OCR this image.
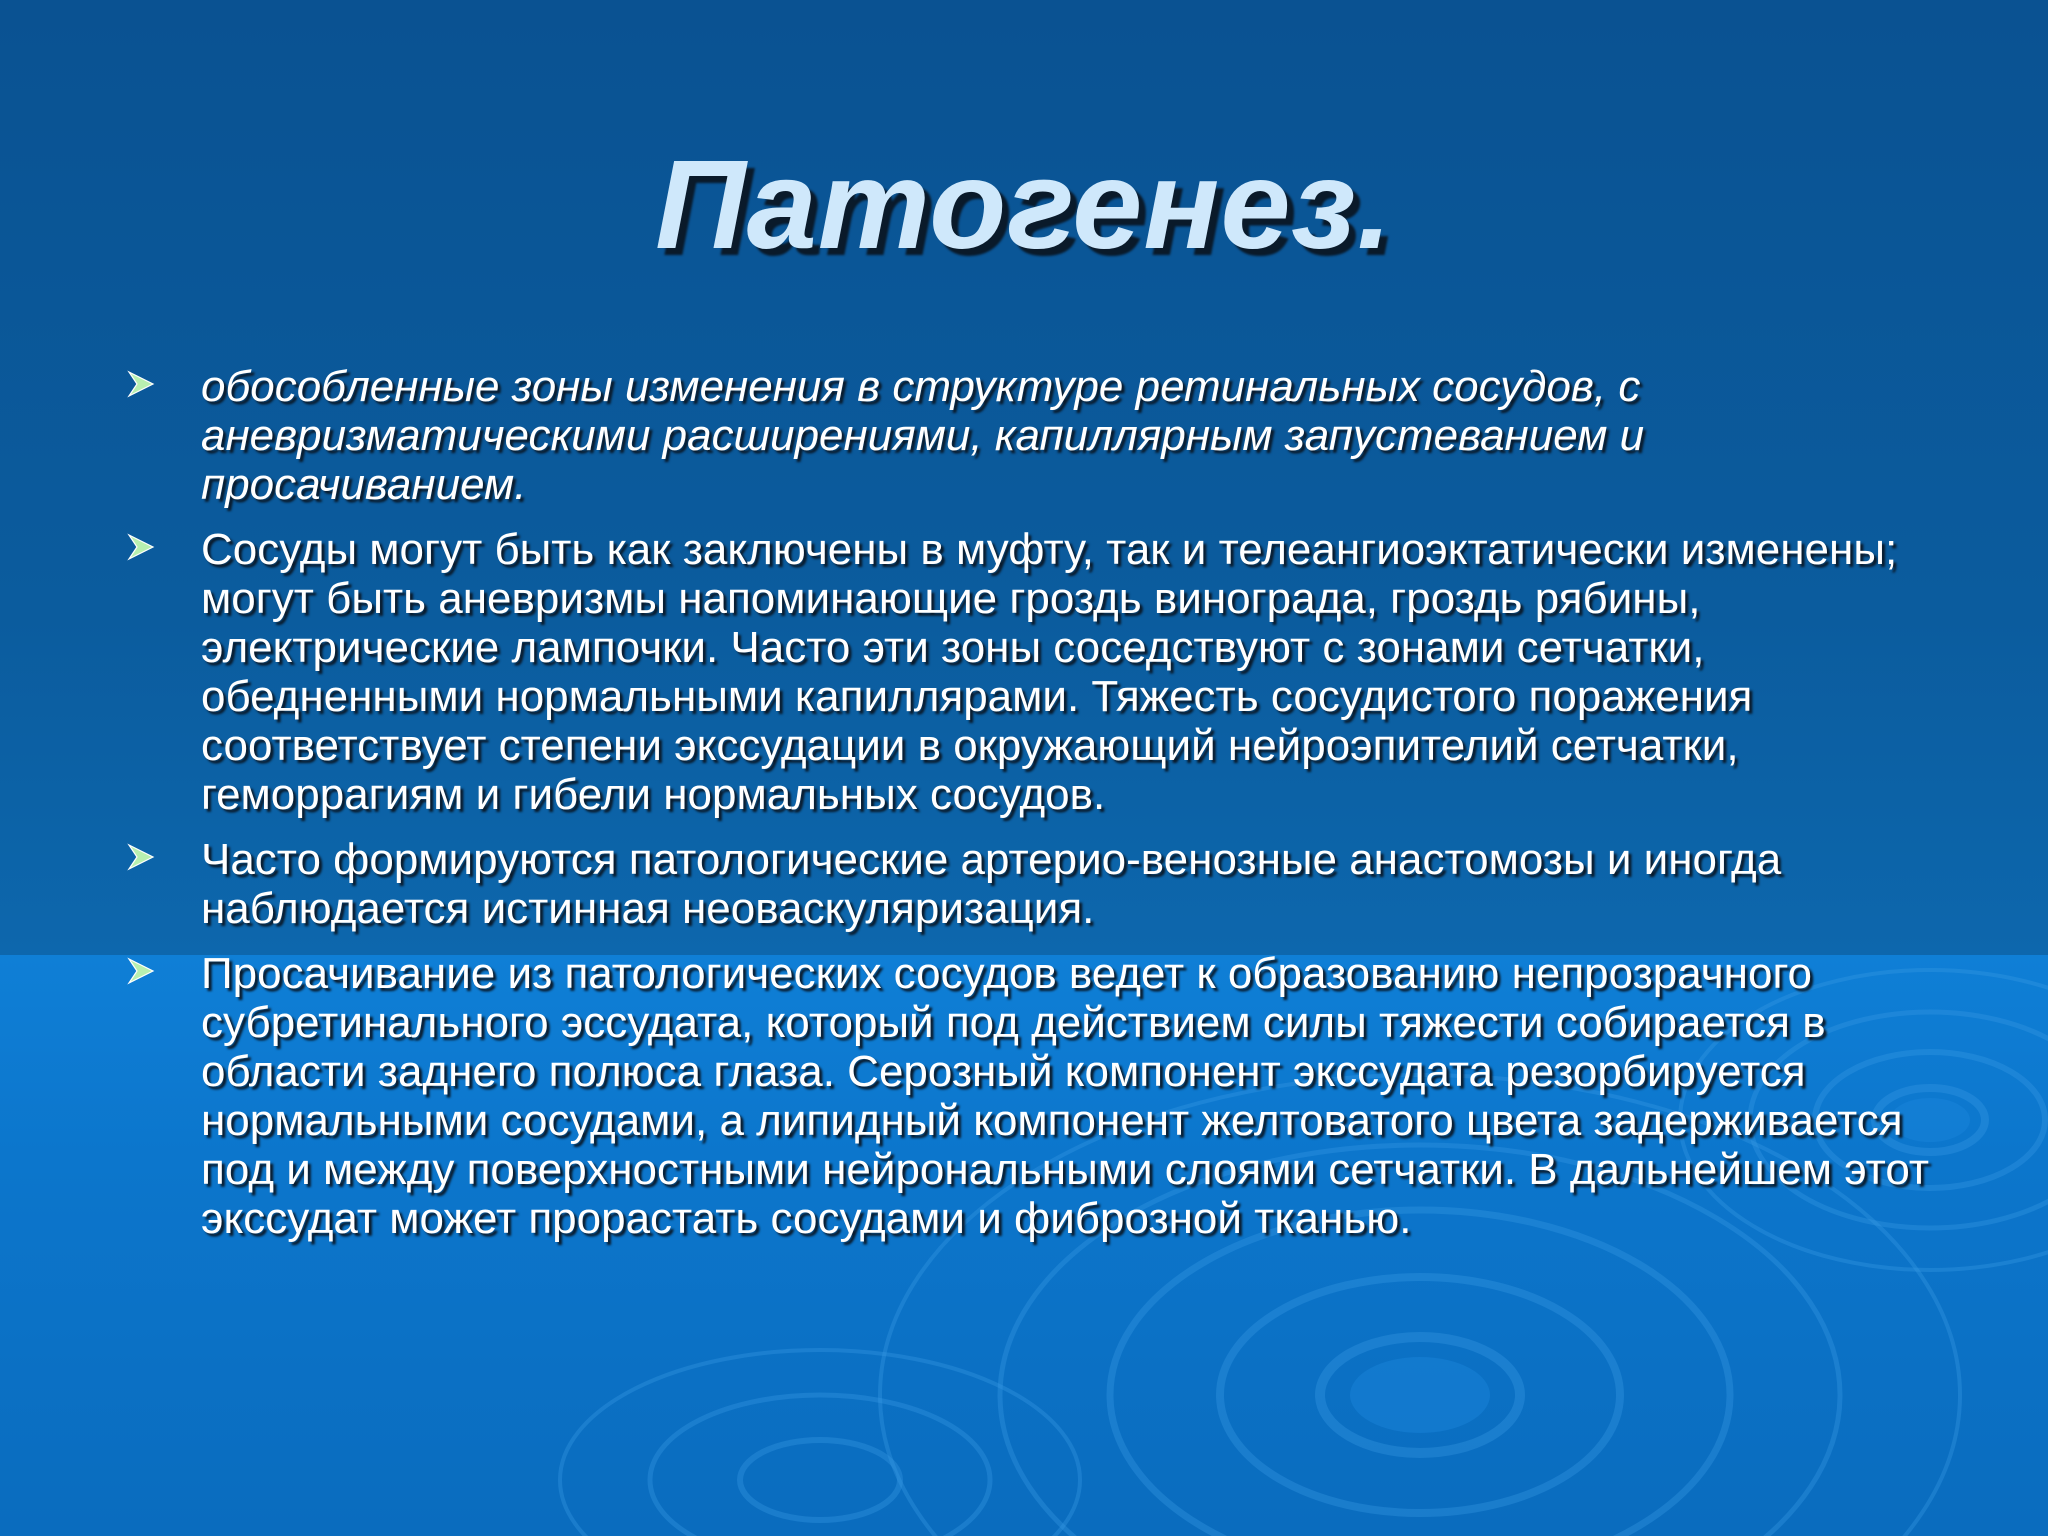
Патогенез.
обособленные зоны изменения в структуре ретинальных сосудов, с аневризматическими расширениями, капиллярным запустеванием и просачиванием.
Сосуды могут быть как заключены в муфту, так и телеангиоэктатически изменены; могут быть аневризмы напоминающие гроздь винограда, гроздь рябины, электрические лампочки. Часто эти зоны соседствуют с зонами сетчатки, обедненными нормальными капиллярами. Тяжесть сосудистого поражения соответствует степени экссудации в окружающий нейроэпителий сетчатки, геморрагиям и гибели нормальных сосудов.
Часто формируются патологические артерио-венозные анастомозы и иногда наблюдается истинная неоваскуляризация.
Просачивание из патологических сосудов ведет к образованию непрозрачного субретинального эссудата, который под действием силы тяжести собирается в области заднего полюса глаза. Серозный компонент экссудата резорбируется нормальными сосудами, а липидный компонент желтоватого цвета задерживается под и между поверхностными нейрональными слоями сетчатки. В дальнейшем этот экссудат может прорастать сосудами и фиброзной тканью.
